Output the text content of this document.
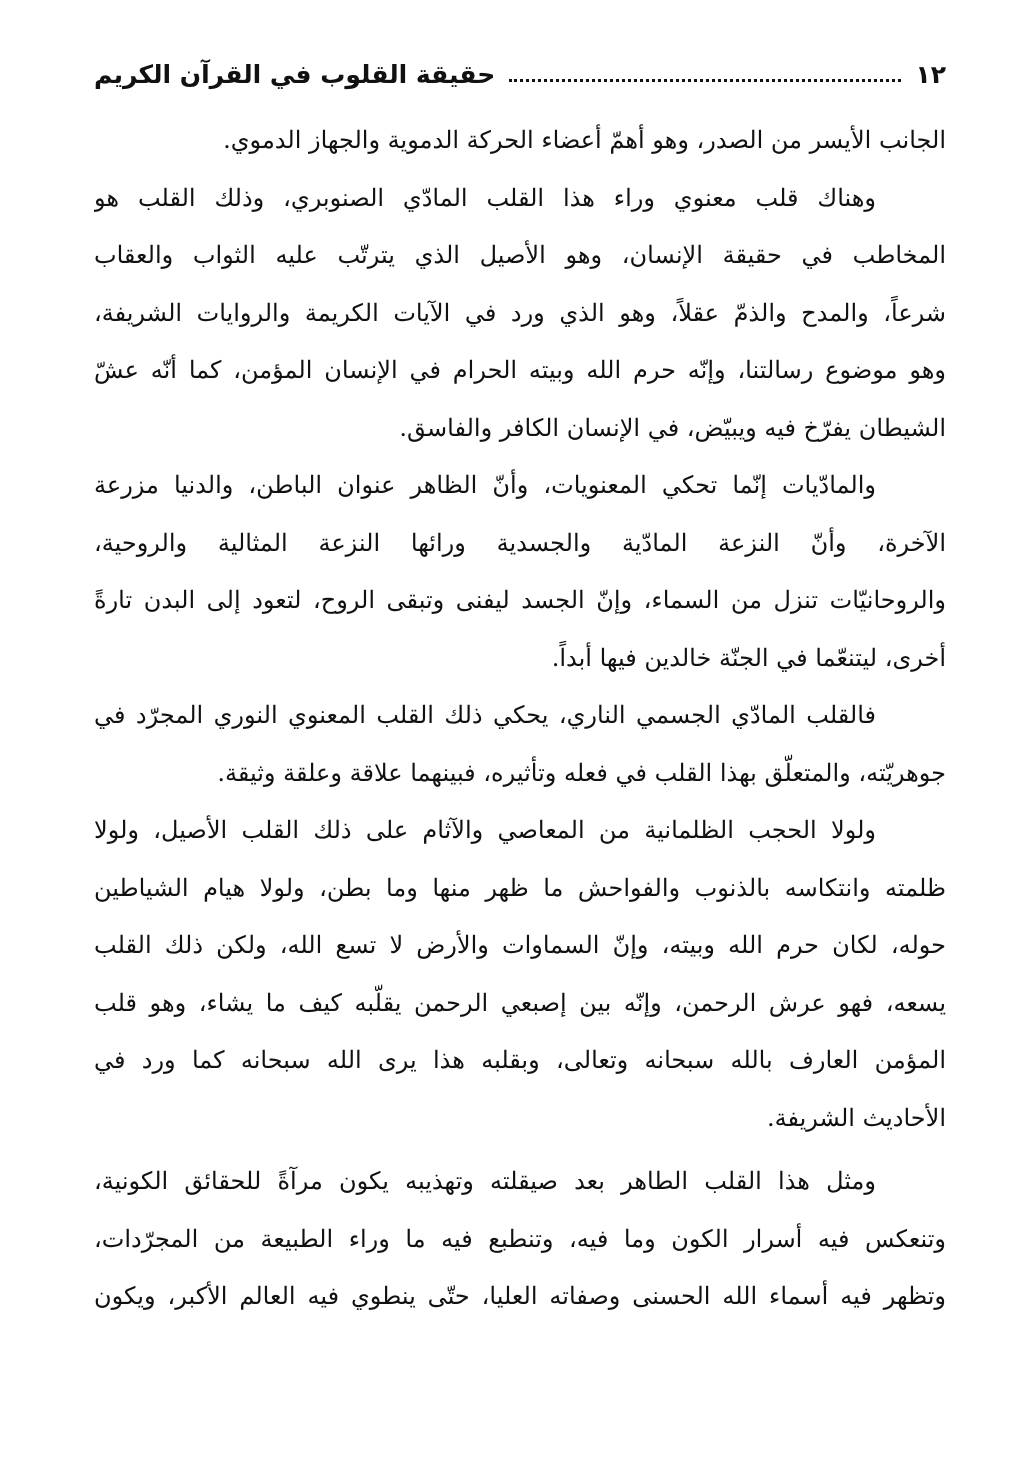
١٢
حقيقة القلوب في القرآن الكريم
الجانب الأيسر من الصدر، وهو أهمّ أعضاء الحركة الدموية والجهاز الدموي.
وهناك قلب معنوي وراء هذا القلب المادّي الصنوبري، وذلك القلب هو
المخاطب في حقيقة الإنسان، وهو الأصيل الذي يترتّب عليه الثواب والعقاب
شرعاً، والمدح والذمّ عقلاً، وهو الذي ورد في الآيات الكريمة والروايات الشريفة،
وهو موضوع رسالتنا، وإنّه حرم الله وبيته الحرام في الإنسان المؤمن، كما أنّه عشّ
الشيطان يفرّخ فيه ويبيّض، في الإنسان الكافر والفاسق.
والمادّيات إنّما تحكي المعنويات، وأنّ الظاهر عنوان الباطن، والدنيا مزرعة
الآخرة، وأنّ النزعة المادّية والجسدية ورائها النزعة المثالية والروحية،
والروحانيّات تنزل من السماء، وإنّ الجسد ليفنى وتبقى الروح، لتعود إلى البدن تارةً
أخرى، ليتنعّما في الجنّة خالدين فيها أبداً.
فالقلب المادّي الجسمي الناري، يحكي ذلك القلب المعنوي النوري المجرّد في
جوهريّته، والمتعلّق بهذا القلب في فعله وتأثيره، فبينهما علاقة وعلقة وثيقة.
ولولا الحجب الظلمانية من المعاصي والآثام على ذلك القلب الأصيل، ولولا
ظلمته وانتكاسه بالذنوب والفواحش ما ظهر منها وما بطن، ولولا هيام الشياطين
حوله، لكان حرم الله وبيته، وإنّ السماوات والأرض لا تسع الله، ولكن ذلك القلب
يسعه، فهو عرش الرحمن، وإنّه بين إصبعي الرحمن يقلّبه كيف ما يشاء، وهو قلب
المؤمن العارف بالله سبحانه وتعالى، وبقلبه هذا يرى الله سبحانه كما ورد في
الأحاديث الشريفة.
ومثل هذا القلب الطاهر بعد صيقلته وتهذيبه يكون مرآةً للحقائق الكونية،
وتنعكس فيه أسرار الكون وما فيه، وتنطبع فيه ما وراء الطبيعة من المجرّدات،
وتظهر فيه أسماء الله الحسنى وصفاته العليا، حتّى ينطوي فيه العالم الأكبر، ويكون
